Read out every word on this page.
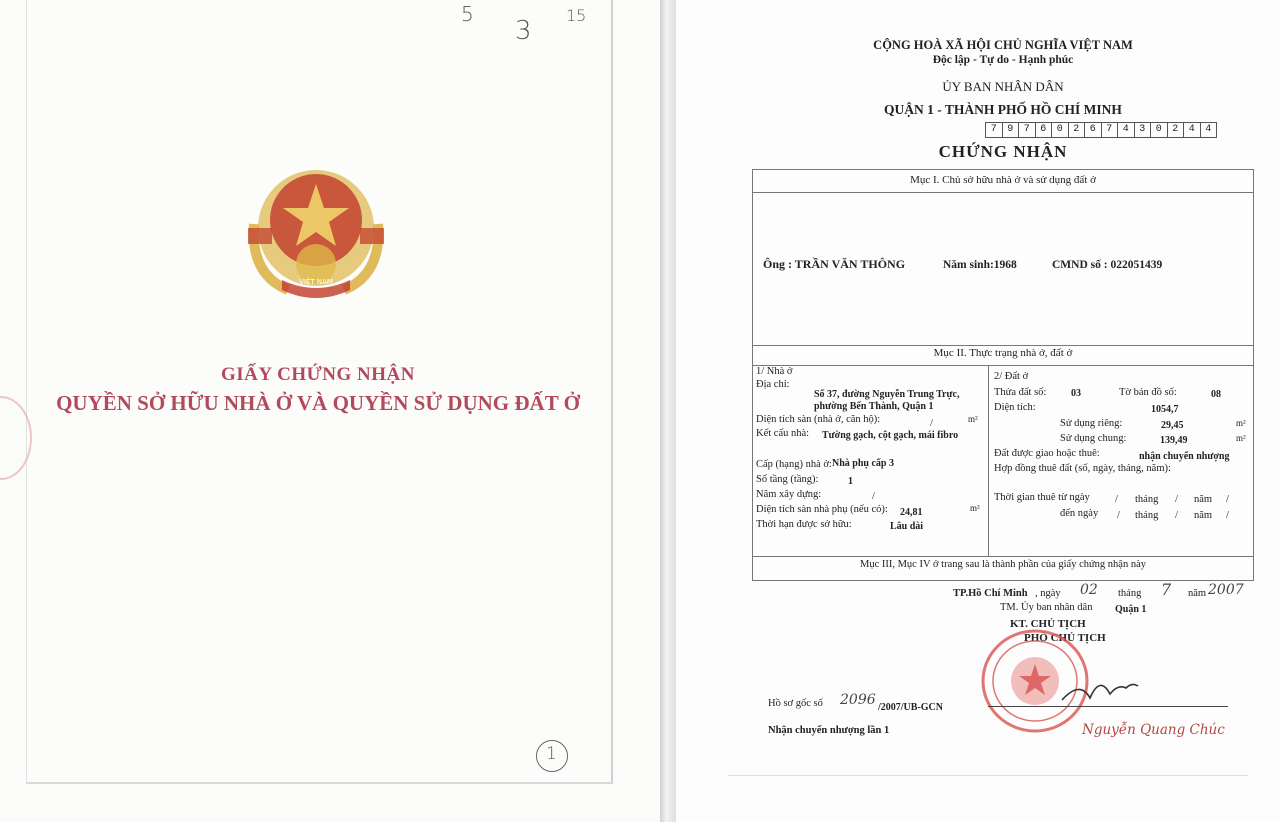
5
3
15
VIỆT NAM
GIẤY CHỨNG NHẬN
QUYỀN SỞ HỮU NHÀ Ở VÀ QUYỀN SỬ DỤNG ĐẤT Ở
1
CỘNG HOÀ XÃ HỘI CHỦ NGHĨA VIỆT NAM
Độc lập - Tự do - Hạnh phúc
ỦY BAN NHÂN DÂN
QUẬN 1 - THÀNH PHỐ HỒ CHÍ MINH
7	9	7	6	0	2	6	7	4	3	0	2	4	4
CHỨNG NHẬN
Mục I. Chủ sở hữu nhà ở và sử dụng đất ở
Ông : TRẦN VĂN THÔNG	Năm sinh:1968	CMND số : 022051439
Mục II. Thực trạng nhà ở, đất ở
1/ Nhà ở
Địa chỉ:
Số 37, đường Nguyễn Trung Trực,
phường Bến Thành, Quận 1
Diện tích sàn (nhà ở, căn hộ):	/	m²
Kết cấu nhà: Tường gạch, cột gạch, mái fibro
Cấp (hạng) nhà ở: Nhà phụ cấp 3
Số tầng (tầng):	1
Năm xây dựng:	/
Diện tích sàn nhà phụ (nếu có): 24,81	m²
Thời hạn được sở hữu:	Lâu dài
2/ Đất ở
Thửa đất số: 03	Tờ bản đồ số:	08
Diện tích:	1054,7
Sử dụng riêng:	29,45	m²
Sử dụng chung:	139,49	m²
Đất được giao hoặc thuê:	nhận chuyển nhượng
Hợp đồng thuê đất (số, ngày, tháng, năm):
Thời gian thuê từ ngày / tháng / năm /
đến ngày / tháng / năm /
Mục III, Mục IV ở trang sau là thành phần của giấy chứng nhận này
TP.Hồ Chí Minh , ngày 02 tháng 7 năm 2007
TM. Ủy ban nhân dân Quận 1
KT. CHỦ TỊCH
PHÓ CHỦ TỊCH
Nguyễn Quang Chúc
Hồ sơ gốc số 2096 /2007/UB-GCN
Nhận chuyển nhượng lần 1
